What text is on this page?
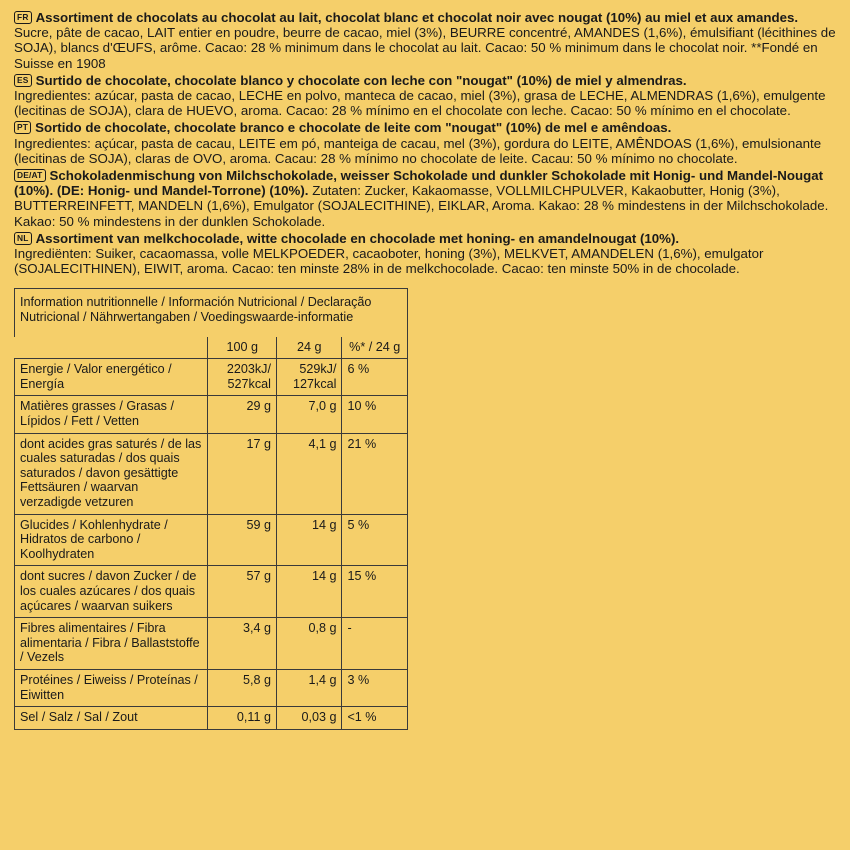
FR Assortiment de chocolats au chocolat au lait, chocolat blanc et chocolat noir avec nougat (10%) au miel et aux amandes.
Sucre, pâte de cacao, LAIT entier en poudre, beurre de cacao, miel (3%), BEURRE concentré, AMANDES (1,6%), émulsifiant (lécithines de SOJA), blancs d'ŒUFS, arôme. Cacao: 28 % minimum dans le chocolat au lait. Cacao: 50 % minimum dans le chocolat noir. **Fondé en Suisse en 1908
ES Surtido de chocolate, chocolate blanco y chocolate con leche con "nougat" (10%) de miel y almendras.
Ingredientes: azúcar, pasta de cacao, LECHE en polvo, manteca de cacao, miel (3%), grasa de LECHE, ALMENDRAS (1,6%), emulgente (lecitinas de SOJA), clara de HUEVO, aroma. Cacao: 28 % mínimo en el chocolate con leche. Cacao: 50 % mínimo en el chocolate.
PT Sortido de chocolate, chocolate branco e chocolate de leite com "nougat" (10%) de mel e amêndoas.
Ingredientes: açúcar, pasta de cacau, LEITE em pó, manteiga de cacau, mel (3%), gordura do LEITE, AMÊNDOAS (1,6%), emulsionante (lecitinas de SOJA), claras de OVO, aroma. Cacau: 28 % mínimo no chocolate de leite. Cacau: 50 % mínimo no chocolate.
DE/AT Schokoladenmischung von Milchschokolade, weisser Schokolade und dunkler Schokolade mit Honig- und Mandel-Nougat (10%). (DE: Honig- und Mandel-Torrone) (10%). Zutaten: Zucker, Kakaomasse, VOLLMILCHPULVER, Kakaobutter, Honig (3%), BUTTERREINFETT, MANDELN (1,6%), Emulgator (SOJALECITHINE), EIKLAR, Aroma. Kakao: 28 % mindestens in der Milchschokolade. Kakao: 50 % mindestens in der dunklen Schokolade.
NL Assortiment van melkchocolade, witte chocolade en chocolade met honing- en amandelnougat (10%).
Ingrediënten: Suiker, cacaomassa, volle MELKPOEDER, cacaoboter, honing (3%), MELKVET, AMANDELEN (1,6%), emulgator (SOJALECITHINEN), EIWIT, aroma. Cacao: ten minste 28% in de melkchocolade. Cacao: ten minste 50% in de chocolade.
Information nutritionnelle / Información Nutricional / Declaração			
Nutricional / Nährwertangaben / Voedingswaarde-informatie			

	100 g	24 g	%* / 24 g
Energie / Valor energético / Energía	2203kJ/ 527kcal	529kJ/ 127kcal	6 %
Matières grasses / Grasas / Lípidos / Fett / Vetten	29 g	7,0 g	10 %
dont acides gras saturés / de las cuales saturadas / dos quais saturados / davon gesättigte Fettsäuren / waarvan verzadigde vetzuren	17 g	4,1 g	21 %
Glucides / Kohlenhydrate / Hidratos de carbono / Koolhydraten	59 g	14 g	5 %
dont sucres / davon Zucker / de los cuales azúcares / dos quais açúcares / waarvan suikers	57 g	14 g	15 %
Fibres alimentaires / Fibra alimentaria / Fibra / Ballaststoffe / Vezels	3,4 g	0,8 g	-
Protéines / Eiweiss / Proteínas / Eiwitten	5,8 g	1,4 g	3 %
Sel / Salz / Sal / Zout	0,11 g	0,03 g	<1 %
